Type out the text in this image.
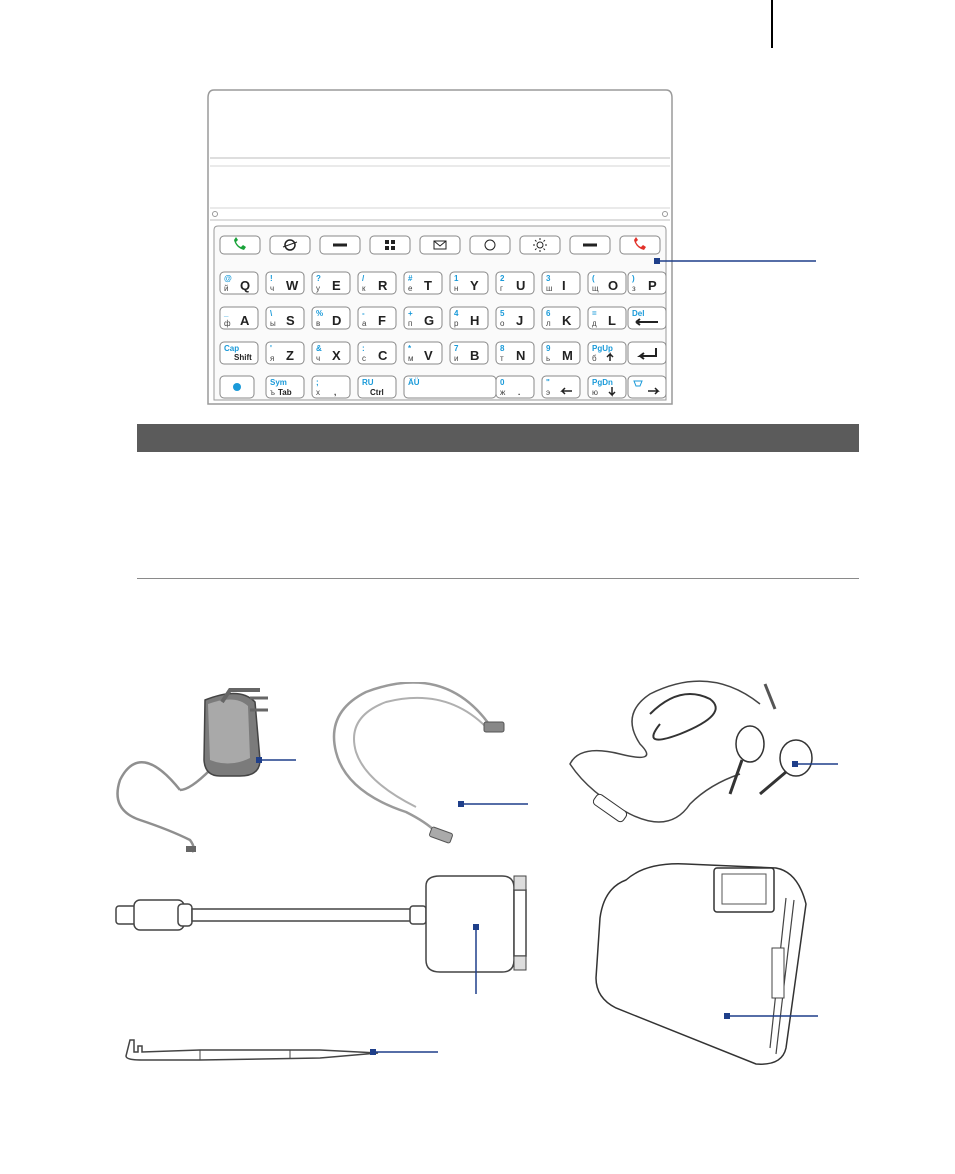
@
й Q !
ч W ?
у E	/
к R	#
е T	1
н Y	2
г U	3
ш I	(
щ O )
з P
_
ф A	\
ы S	%
в D	-
а F	+
п G 4
р H	5
о J	6
л K	=
д L Del
Cap
Shift
'
я Z	&
ч X	:
с C	*
м V	7
и B	8
т N	9
ь M PgUp
б
Sym
ъ Tab
;
х ,
RU
Ctrl
ÄÜ	0
ж .
"
э
PgDn
ю
